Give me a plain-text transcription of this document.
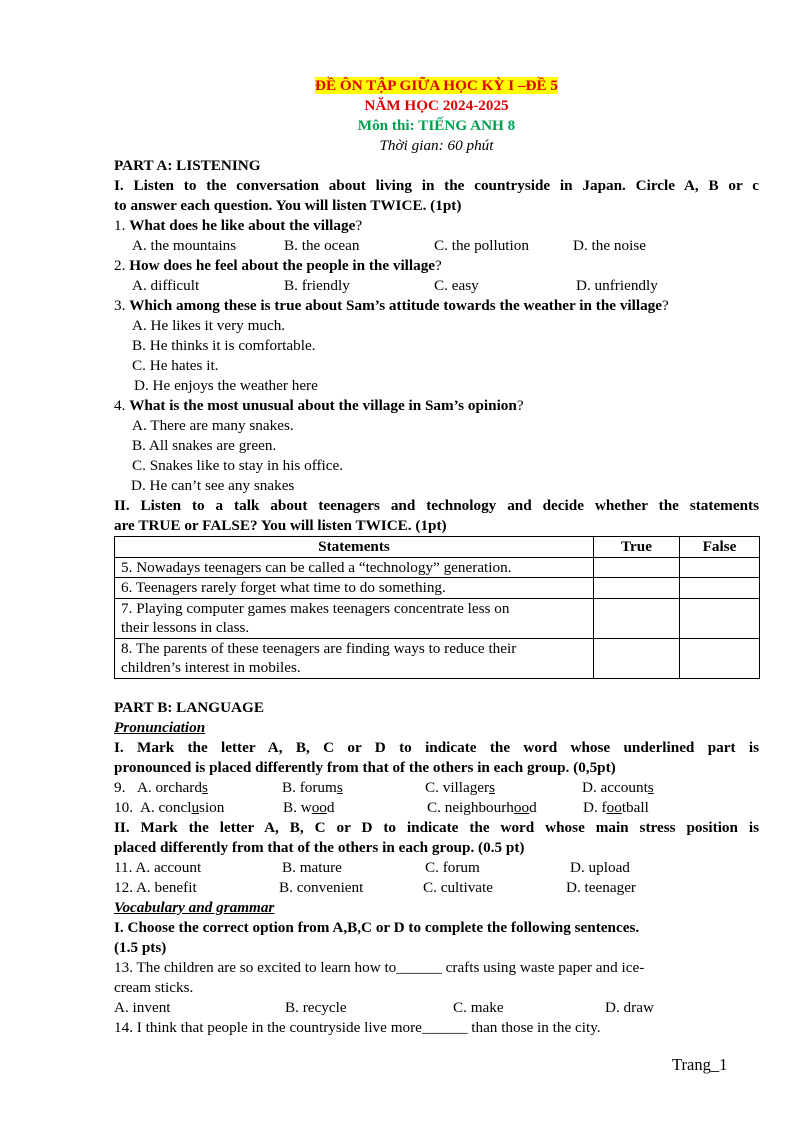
ĐỀ ÔN TẬP GIỮA HỌC KỲ I –ĐỀ 5
NĂM HỌC 2024-2025
Môn thi: TIẾNG ANH 8
Thời gian: 60 phút
PART A: LISTENING
I. Listen to the conversation about living in the countryside in Japan. Circle A, B or c
to answer each question. You will listen TWICE. (1pt)
1. What does he like about the village?
A. the mountains	B. the ocean	C. the pollution	D. the noise
2. How does he feel about the people in the village?
A. difficult	B. friendly	C. easy	D. unfriendly
3. Which among these is true about Sam’s attitude towards the weather in the village?
A. He likes it very much.
B. He thinks it is comfortable.
C. He hates it.
D. He enjoys the weather here
4. What is the most unusual about the village in Sam’s opinion?
A. There are many snakes.
B. All snakes are green.
C. Snakes like to stay in his office.
D. He can’t see any snakes
II. Listen to a talk about teenagers and technology and decide whether the statements
are TRUE or FALSE? You will listen TWICE. (1pt)
Statements	True	False
5. Nowadays teenagers can be called a “technology” generation.		
6. Teenagers rarely forget what time to do something.		
7. Playing computer games makes teenagers concentrate less on
their lessons in class.		
8. The parents of these teenagers are finding ways to reduce their
children’s interest in mobiles.		
PART B: LANGUAGE
Pronunciation
I. Mark the letter A, B, C or D to indicate the word whose underlined part is
pronounced is placed differently from that of the others in each group. (0,5pt)
9. A. orchards	B. forums	C. villagers	D. accounts
10. A. conclusion	B. wood	C. neighbourhood	D. football
II. Mark the letter A, B, C or D to indicate the word whose main stress position is
placed differently from that of the others in each group. (0.5 pt)
11. A. account	B. mature	C. forum	D. upload
12. A. benefit	B. convenient	C. cultivate	D. teenager
Vocabulary and grammar
I. Choose the correct option from A,B,C or D to complete the following sentences.
(1.5 pts)
13. The children are so excited to learn how to______ crafts using waste paper and ice-
cream sticks.
A. invent	B. recycle	C. make	D. draw
14. I think that people in the countryside live more______ than those in the city.
Trang_1
